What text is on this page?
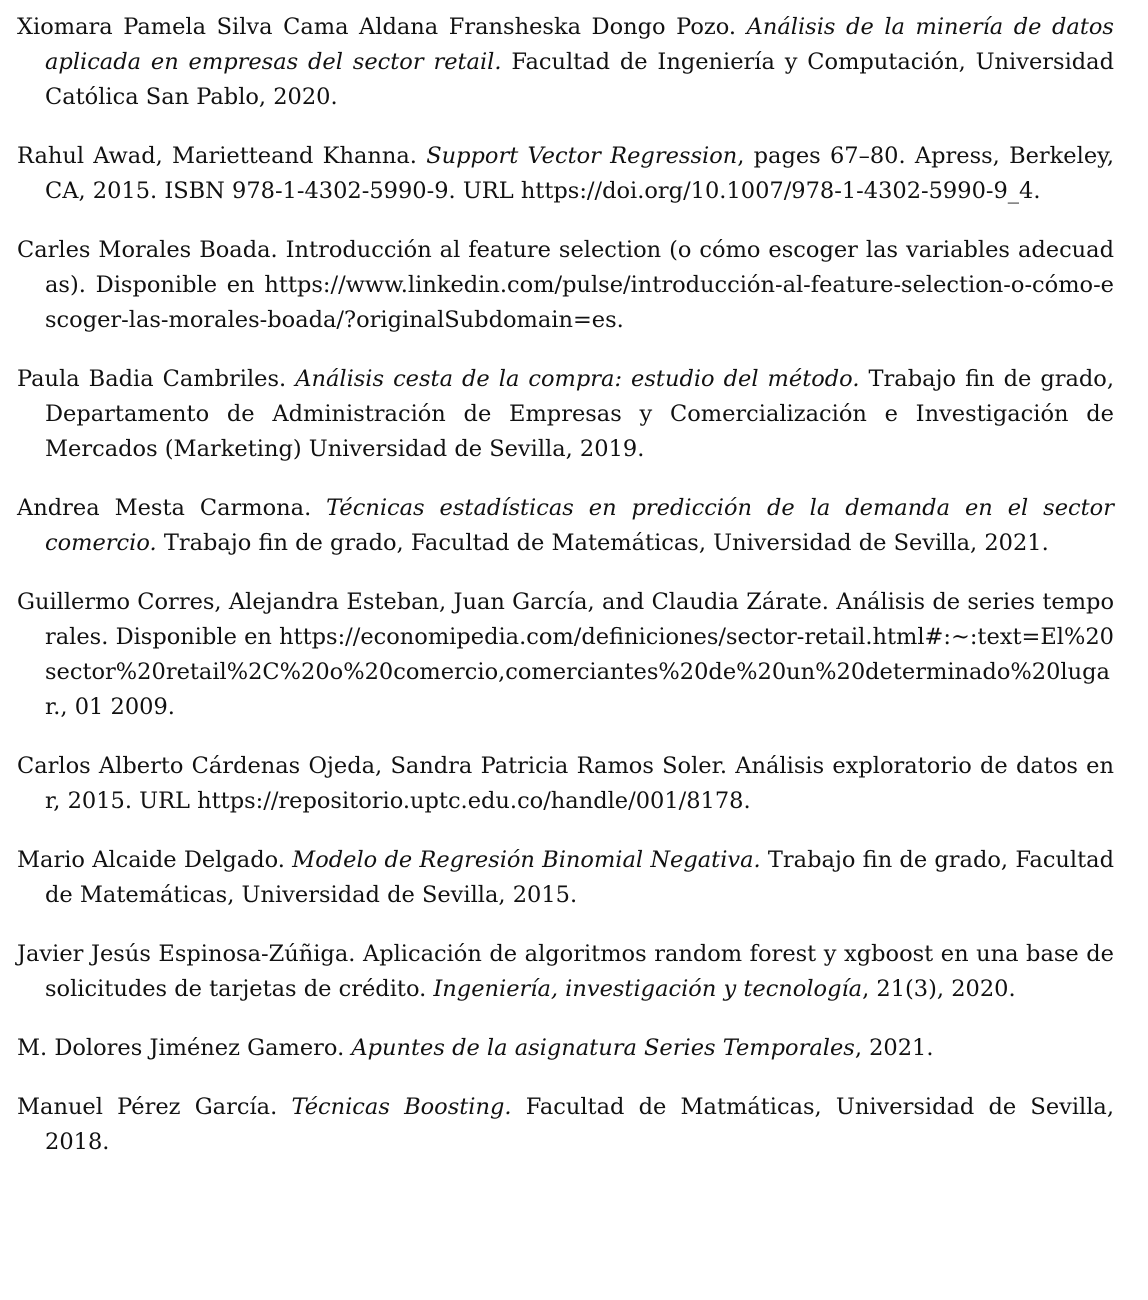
Xiomara Pamela Silva Cama Aldana Fransheska Dongo Pozo. Análisis de la minería de datos aplicada en empresas del sector retail. Facultad de Ingeniería y Computación, Universidad Católica San Pablo, 2020.
Rahul Awad, Marietteand Khanna. Support Vector Regression, pages 67–80. Apress, Berkeley, CA, 2015. ISBN 978-1-4302-5990-9. URL https://doi.org/10.1007/978-1-4302-5990-9_4.
Carles Morales Boada. Introducción al feature selection (o cómo escoger las variables adecuadas). Disponible en https://www.linkedin.com/pulse/introducción-al-feature-selection-o-cómo-escoger-las-morales-boada/?originalSubdomain=es.
Paula Badia Cambriles. Análisis cesta de la compra: estudio del método. Trabajo fin de grado, Departamento de Administración de Empresas y Comercialización e Investigación de Mercados (Marketing) Universidad de Sevilla, 2019.
Andrea Mesta Carmona. Técnicas estadísticas en predicción de la demanda en el sector comercio. Trabajo fin de grado, Facultad de Matemáticas, Universidad de Sevilla, 2021.
Guillermo Corres, Alejandra Esteban, Juan García, and Claudia Zárate. Análisis de series temporales. Disponible en https://economipedia.com/definiciones/sector-retail.html#:~:text=El%20sector%20retail%2C%20o%20comercio,comerciantes%20de%20un%20determinado%20lugar., 01 2009.
Carlos Alberto Cárdenas Ojeda, Sandra Patricia Ramos Soler. Análisis exploratorio de datos en r, 2015. URL https://repositorio.uptc.edu.co/handle/001/8178.
Mario Alcaide Delgado. Modelo de Regresión Binomial Negativa. Trabajo fin de grado, Facultad de Matemáticas, Universidad de Sevilla, 2015.
Javier Jesús Espinosa-Zúñiga. Aplicación de algoritmos random forest y xgboost en una base de solicitudes de tarjetas de crédito. Ingeniería, investigación y tecnología, 21(3), 2020.
M. Dolores Jiménez Gamero. Apuntes de la asignatura Series Temporales, 2021.
Manuel Pérez García. Técnicas Boosting. Facultad de Matmáticas, Universidad de Sevilla, 2018.
